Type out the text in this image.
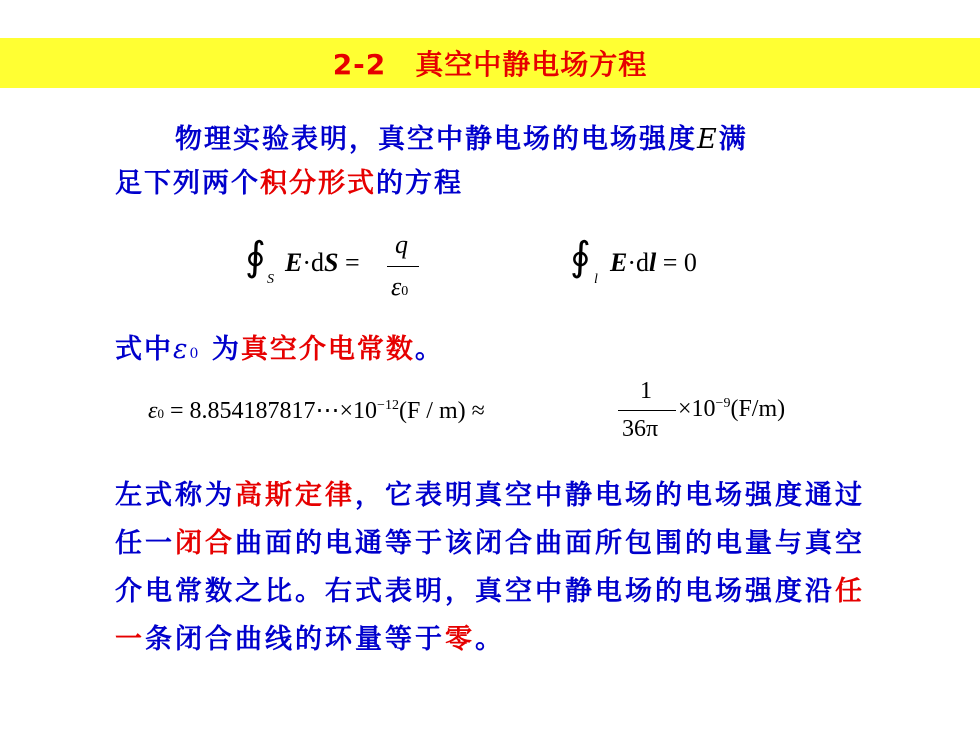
2-2　真空中静电场方程
物理实验表明，真空中静电场的电场强度E满
足下列两个积分形式的方程
∮ S
E·dS =
q
ε0
∮ l
E·dl = 0
式中ε0 为真空介电常数。
$\varepsilon 0 = 8.854187817\cdots\times 10^{-12}(F / m)$ ≈
1
36π
$\times 10^{-9}(F/m)$
左式称为高斯定律，它表明真空中静电场的电场强度通过任一闭合曲面的电通等于该闭合曲面所包围的电量与真空介电常数之比。右式表明，真空中静电场的电场强度沿任一条闭合曲线的环量等于零。
